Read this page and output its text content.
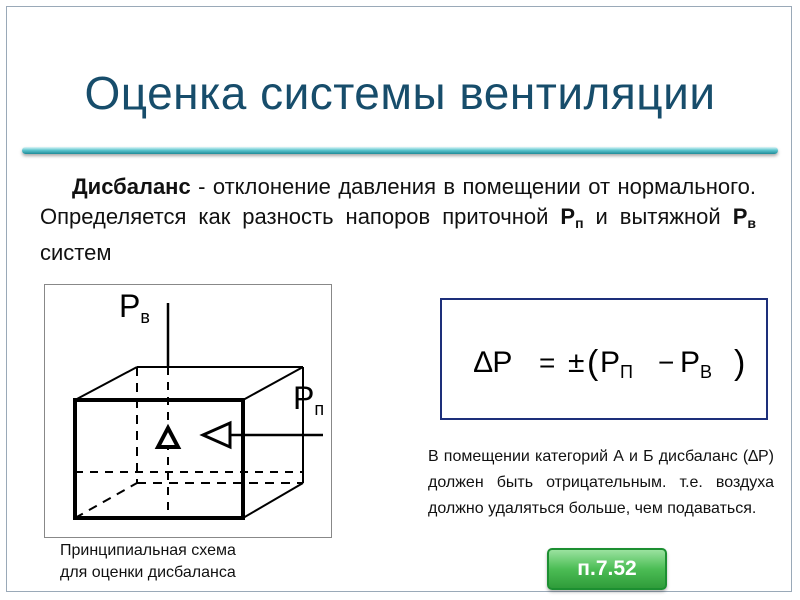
Оценка системы вентиляции
Дисбаланс - отклонение давления в помещении от нормального. Определяется как разность напоров приточной $Р_п$ и вытяжной $Р_в$ систем
Рв
Рп
∆Р = ± ( $Р_П - Р_В$ )
В помещении категорий А и Б дисбаланс (∆Р) должен быть отрицательным. т.е. воздуха должно удаляться больше, чем подаваться.
Принципиальная схема
для оценки дисбаланса	п.7.52
